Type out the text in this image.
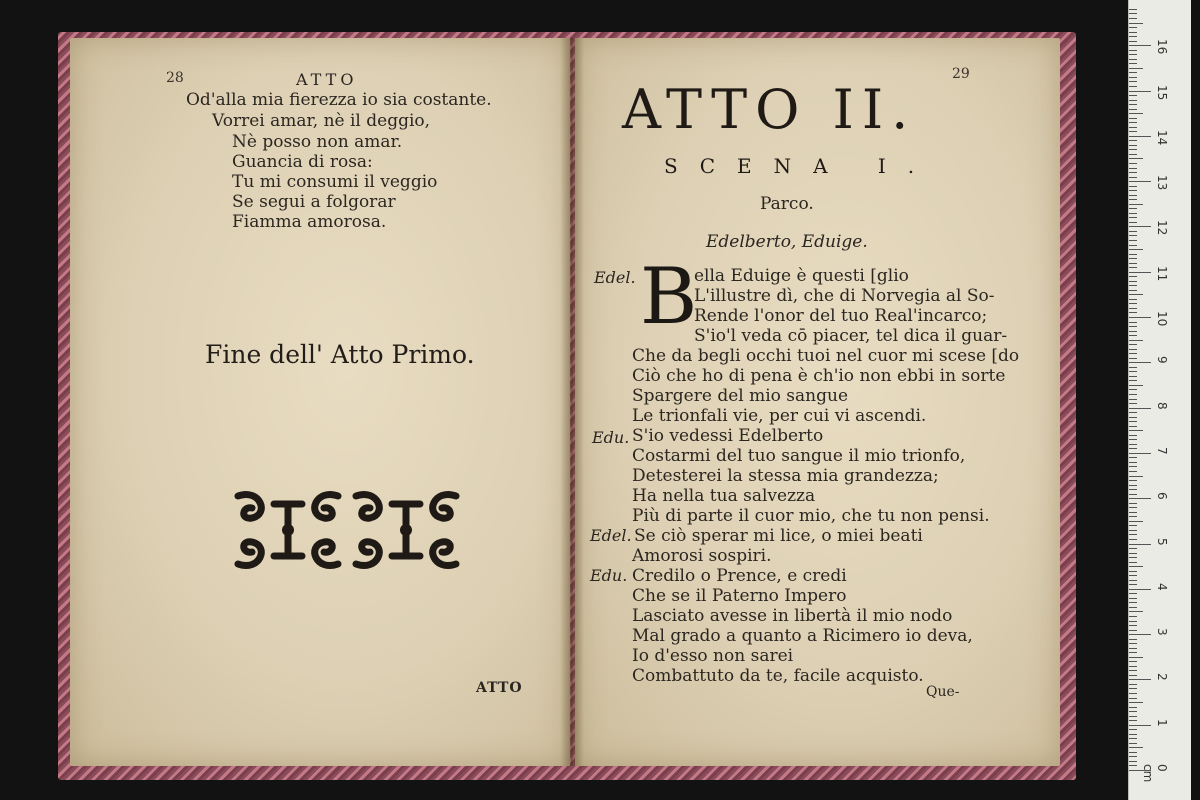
28	ATTO
Od'alla mia fierezza io sia costante.
Vorrei amar, nè il deggio,
Nè posso non amar.
Guancia di rosa:
Tu mi consumi il veggio
Se segui a folgorar
Fiamma amorosa.
Fine dell' Atto Primo.
ATTO
29
ATTO II.
SCENA I.
Parco.
Edelberto, Eduige.
B
Edel.	ella Eduige è questi [glio
L'illustre dì, che di Norvegia al So-
Rende l'onor del tuo Real'incarco;
S'io'l veda cō piacer, tel dica il guar-
Che da begli occhi tuoi nel cuor mi scese [do
Ciò che ho di pena è ch'io non ebbi in sorte
Spargere del mio sangue
Le trionfali vie, per cui vi ascendi.
Edu. S'io vedessi Edelberto
Costarmi del tuo sangue il mio trionfo,
Detesterei la stessa mia grandezza;
Ha nella tua salvezza
Più di parte il cuor mio, che tu non pensi.
Edel. Se ciò sperar mi lice, o miei beati
Amorosi sospiri.
Edu. Credilo o Prence, e credi
Che se il Paterno Impero
Lasciato avesse in libertà il mio nodo
Mal grado a quanto a Ricimero io deva,
Io d'esso non sarei
Combattuto da te, facile acquisto.
Que-
0 cm
1
2
3
4
5
6
7
8
9
10
11
12
13
14
15
16
